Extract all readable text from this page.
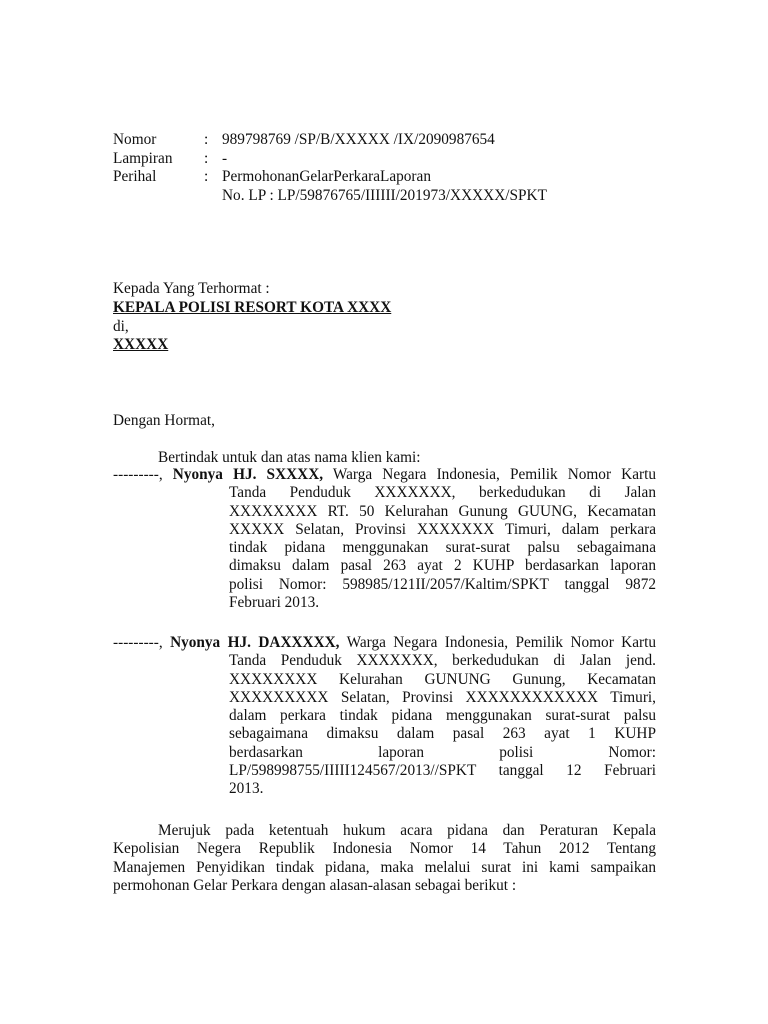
Nomor	: 989798769 /SP/B/XXXXX /IX/2090987654
Lampiran : -
Perihal	: PermohonanGelarPerkaraLaporan
No. LP : LP/59876765/IIIIII/201973/XXXXX/SPKT
Kepada Yang Terhormat :
KEPALA POLISI RESORT KOTA XXXX
di,
XXXXX
Dengan Hormat,
Bertindak untuk dan atas nama klien kami:
---------, Nyonya HJ. SXXXX, Warga Negara Indonesia, Pemilik Nomor Kartu
Tanda Penduduk XXXXXXX, berkedudukan di Jalan
XXXXXXXX RT. 50 Kelurahan Gunung GUUNG, Kecamatan
XXXXX Selatan, Provinsi XXXXXXX Timuri, dalam perkara
tindak pidana menggunakan surat-surat palsu sebagaimana
dimaksu dalam pasal 263 ayat 2 KUHP berdasarkan laporan
polisi Nomor: 598985/121II/2057/Kaltim/SPKT tanggal 9872
Februari 2013.
---------, Nyonya HJ. DAXXXXX, Warga Negara Indonesia, Pemilik Nomor Kartu
Tanda Penduduk XXXXXXX, berkedudukan di Jalan jend.
XXXXXXXX Kelurahan GUNUNG Gunung, Kecamatan
XXXXXXXXX Selatan, Provinsi XXXXXXXXXXXX Timuri,
dalam perkara tindak pidana menggunakan surat-surat palsu
sebagaimana dimaksu dalam pasal 263 ayat 1 KUHP
berdasarkan laporan polisi Nomor:
LP/598998755/IIIII124567/2013//SPKT tanggal 12 Februari
2013.
Merujuk pada ketentuah hukum acara pidana dan Peraturan Kepala
Kepolisian Negera Republik Indonesia Nomor 14 Tahun 2012 Tentang
Manajemen Penyidikan tindak pidana, maka melalui surat ini kami sampaikan
permohonan Gelar Perkara dengan alasan-alasan sebagai berikut :
